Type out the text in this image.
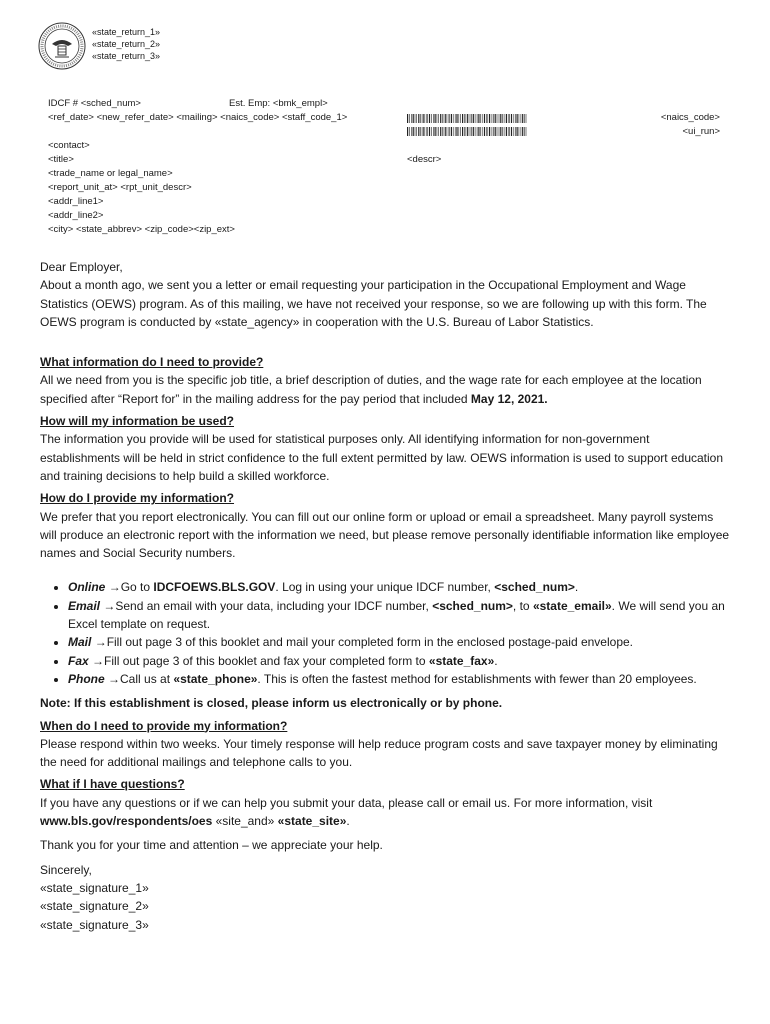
«state_return_1»
«state_return_2»
«state_return_3»
IDCF # <sched_num>	Est. Emp: <bmk_empl>
<ref_date> <new_refer_date> <mailing> <naics_code> <staff_code_1>	<naics_code>
<ui_run>
<contact>
<title>
<trade_name or legal_name>
<report_unit_at> <rpt_unit_descr>
<addr_line1>
<addr_line2>
<city> <state_abbrev> <zip_code><zip_ext>
<descr>

Dear Employer,

About a month ago, we sent you a letter or email requesting your participation in the Occupational Employment and Wage Statistics (OEWS) program. As of this mailing, we have not received your response, so we are following up with this form. The OEWS program is conducted by «state_agency» in cooperation with the U.S. Bureau of Labor Statistics.

What information do I need to provide?

All we need from you is the specific job title, a brief description of duties, and the wage rate for each employee at the location specified after “Report for” in the mailing address for the pay period that included May 12, 2021.

How will my information be used?

The information you provide will be used for statistical purposes only. All identifying information for non-government establishments will be held in strict confidence to the full extent permitted by law. OEWS information is used to support education and training decisions to help build a skilled workforce.

How do I provide my information?

We prefer that you report electronically. You can fill out our online form or upload or email a spreadsheet. Many payroll systems will produce an electronic report with the information we need, but please remove personally identifiable information like employee names and Social Security numbers.

• Online →Go to IDCFOEWS.BLS.GOV. Log in using your unique IDCF number, <sched_num>.
• Email →Send an email with your data, including your IDCF number, <sched_num>, to «state_email». We will send you an Excel template on request.
• Mail →Fill out page 3 of this booklet and mail your completed form in the enclosed postage-paid envelope.
• Fax →Fill out page 3 of this booklet and fax your completed form to «state_fax».
• Phone →Call us at «state_phone». This is often the fastest method for establishments with fewer than 20 employees.

Note: If this establishment is closed, please inform us electronically or by phone.

When do I need to provide my information?

Please respond within two weeks. Your timely response will help reduce program costs and save taxpayer money by eliminating the need for additional mailings and telephone calls to you.

What if I have questions?

If you have any questions or if we can help you submit your data, please call or email us. For more information, visit www.bls.gov/respondents/oes «site_and» «state_site».

Thank you for your time and attention – we appreciate your help.

Sincerely,

«state_signature_1»

«state_signature_2»

«state_signature_3»
